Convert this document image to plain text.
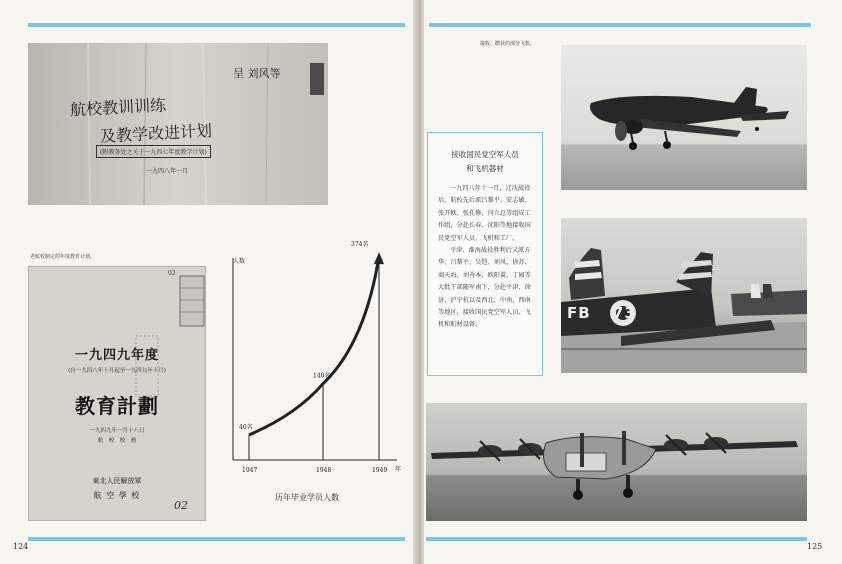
航校教训训练
及教学改进计划
(附教务处之关于一九四七年度教学计划)
一九四八年一月
呈 刘风等
老航校制定的年度教育计划。
02
一九四九年度
(自一九四八年十月起至一九四九年十月)
教育計劃
一九四九年一月十八日
航　校　校　務
東北人民解放軍
航 空 學 校
02
46名
1947
140名
1948
374名
1949
人数
年
历年毕业学员人数
124
接收、缴获的部分飞机。
接收国民党空军人员
和飞机器材
一九四八年十一月，辽沈战役后，航校先后派吕黎平、安志敏、张开帙、张孔修、闫立总等组成工作组，分赴长春、沈阳等地接收国民党空军人员、飞机和工厂。
平津、淮海战役胜利后又派方华、吕黎平、吴恺、刘风、徐苏、商天海、刘善本、欧阳翼、丁园等大批干部随军南下，分赴平津、徐济、沪宁杭以及西北、中南、西南等地区，接收国民党空军人员、飞机和航材设备。
FB 73
12
125
